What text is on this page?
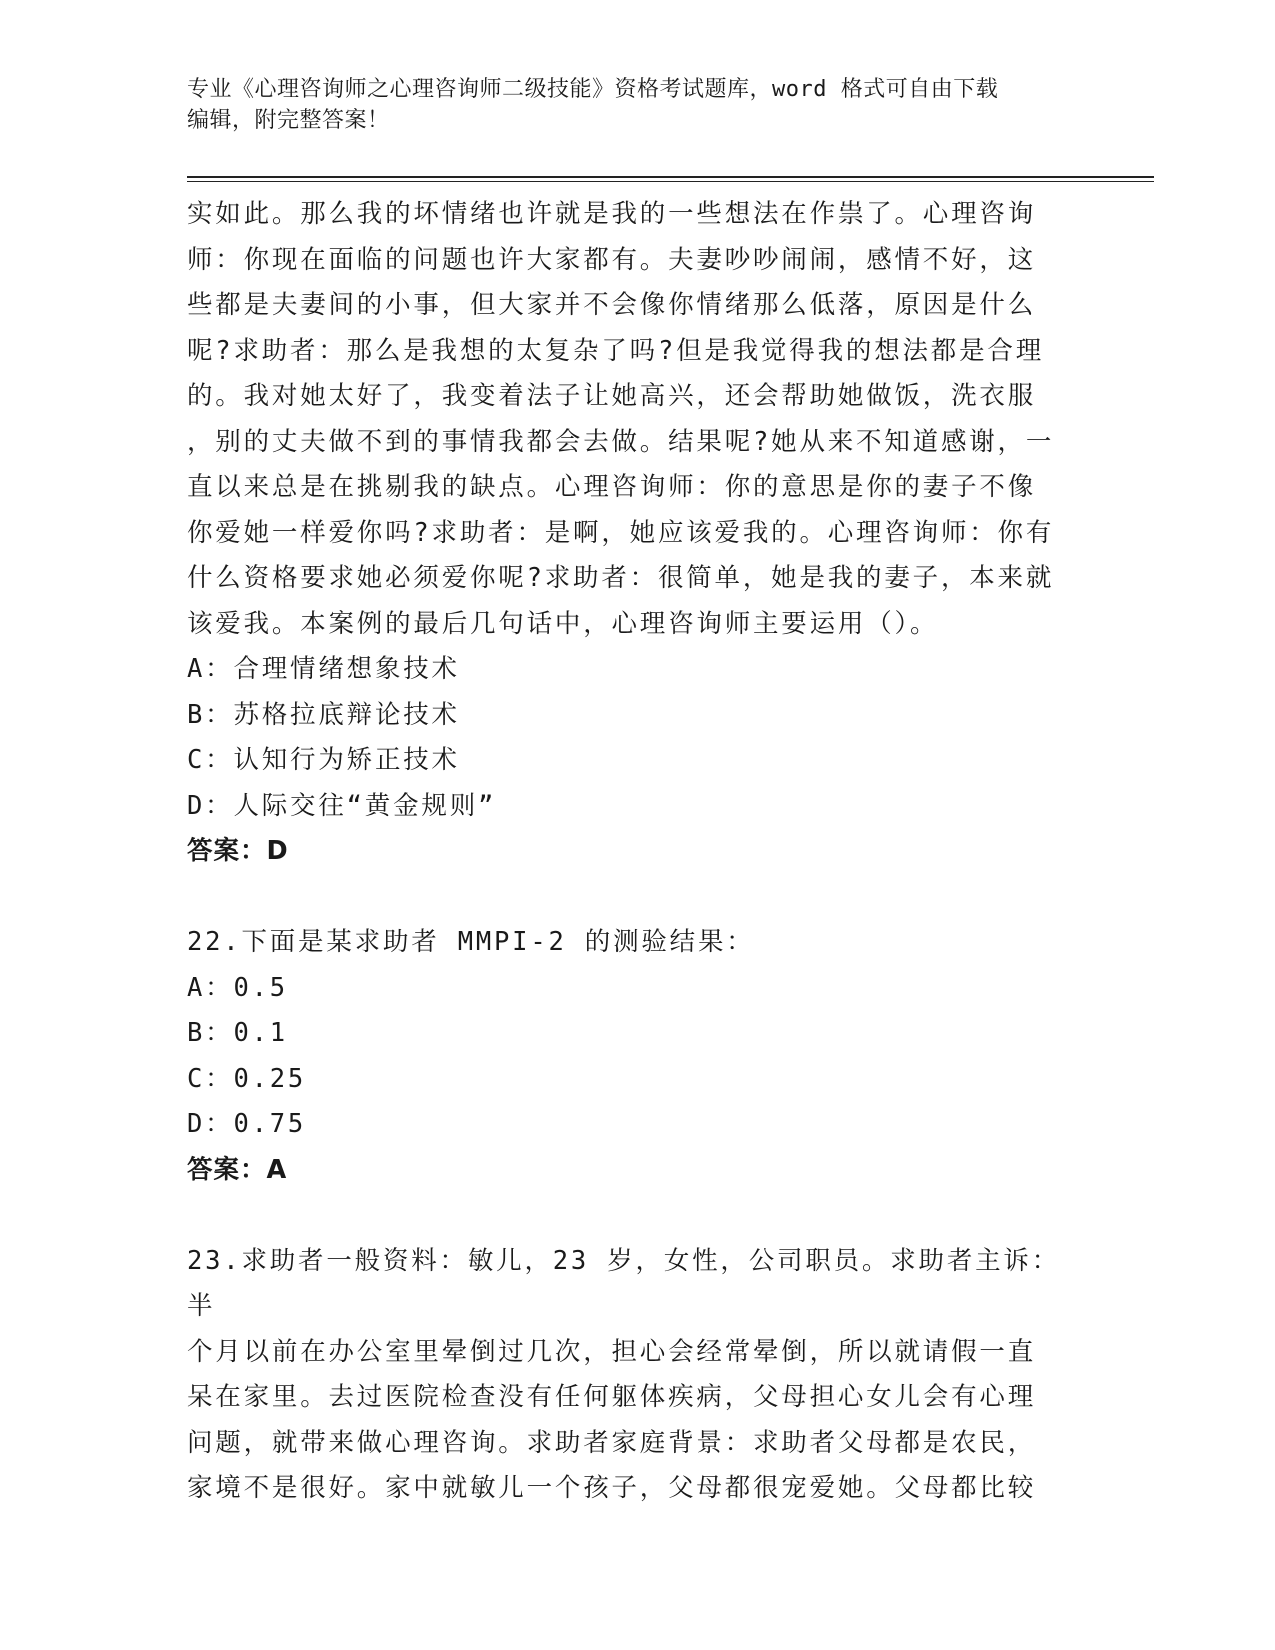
专业《心理咨询师之心理咨询师二级技能》资格考试题库，word 格式可自由下载
编辑，附完整答案！
实如此。那么我的坏情绪也许就是我的一些想法在作祟了。心理咨询
师：你现在面临的问题也许大家都有。夫妻吵吵闹闹，感情不好，这
些都是夫妻间的小事，但大家并不会像你情绪那么低落，原因是什么
呢?求助者：那么是我想的太复杂了吗?但是我觉得我的想法都是合理
的。我对她太好了，我变着法子让她高兴，还会帮助她做饭，洗衣服
，别的丈夫做不到的事情我都会去做。结果呢?她从来不知道感谢，一
直以来总是在挑剔我的缺点。心理咨询师：你的意思是你的妻子不像
你爱她一样爱你吗?求助者：是啊，她应该爱我的。心理咨询师：你有
什么资格要求她必须爱你呢?求助者：很简单，她是我的妻子，本来就
该爱我。本案例的最后几句话中，心理咨询师主要运用（）。
A：合理情绪想象技术
B：苏格拉底辩论技术
C：认知行为矫正技术
D：人际交往“黄金规则”
答案：D
22.下面是某求助者 MMPI-2 的测验结果：
A：0.5
B：0.1
C：0.25
D：0.75
答案：A
23.求助者一般资料：敏儿，23 岁，女性，公司职员。求助者主诉：半
个月以前在办公室里晕倒过几次，担心会经常晕倒，所以就请假一直
呆在家里。去过医院检查没有任何躯体疾病，父母担心女儿会有心理
问题，就带来做心理咨询。求助者家庭背景：求助者父母都是农民，
家境不是很好。家中就敏儿一个孩子，父母都很宠爱她。父母都比较
